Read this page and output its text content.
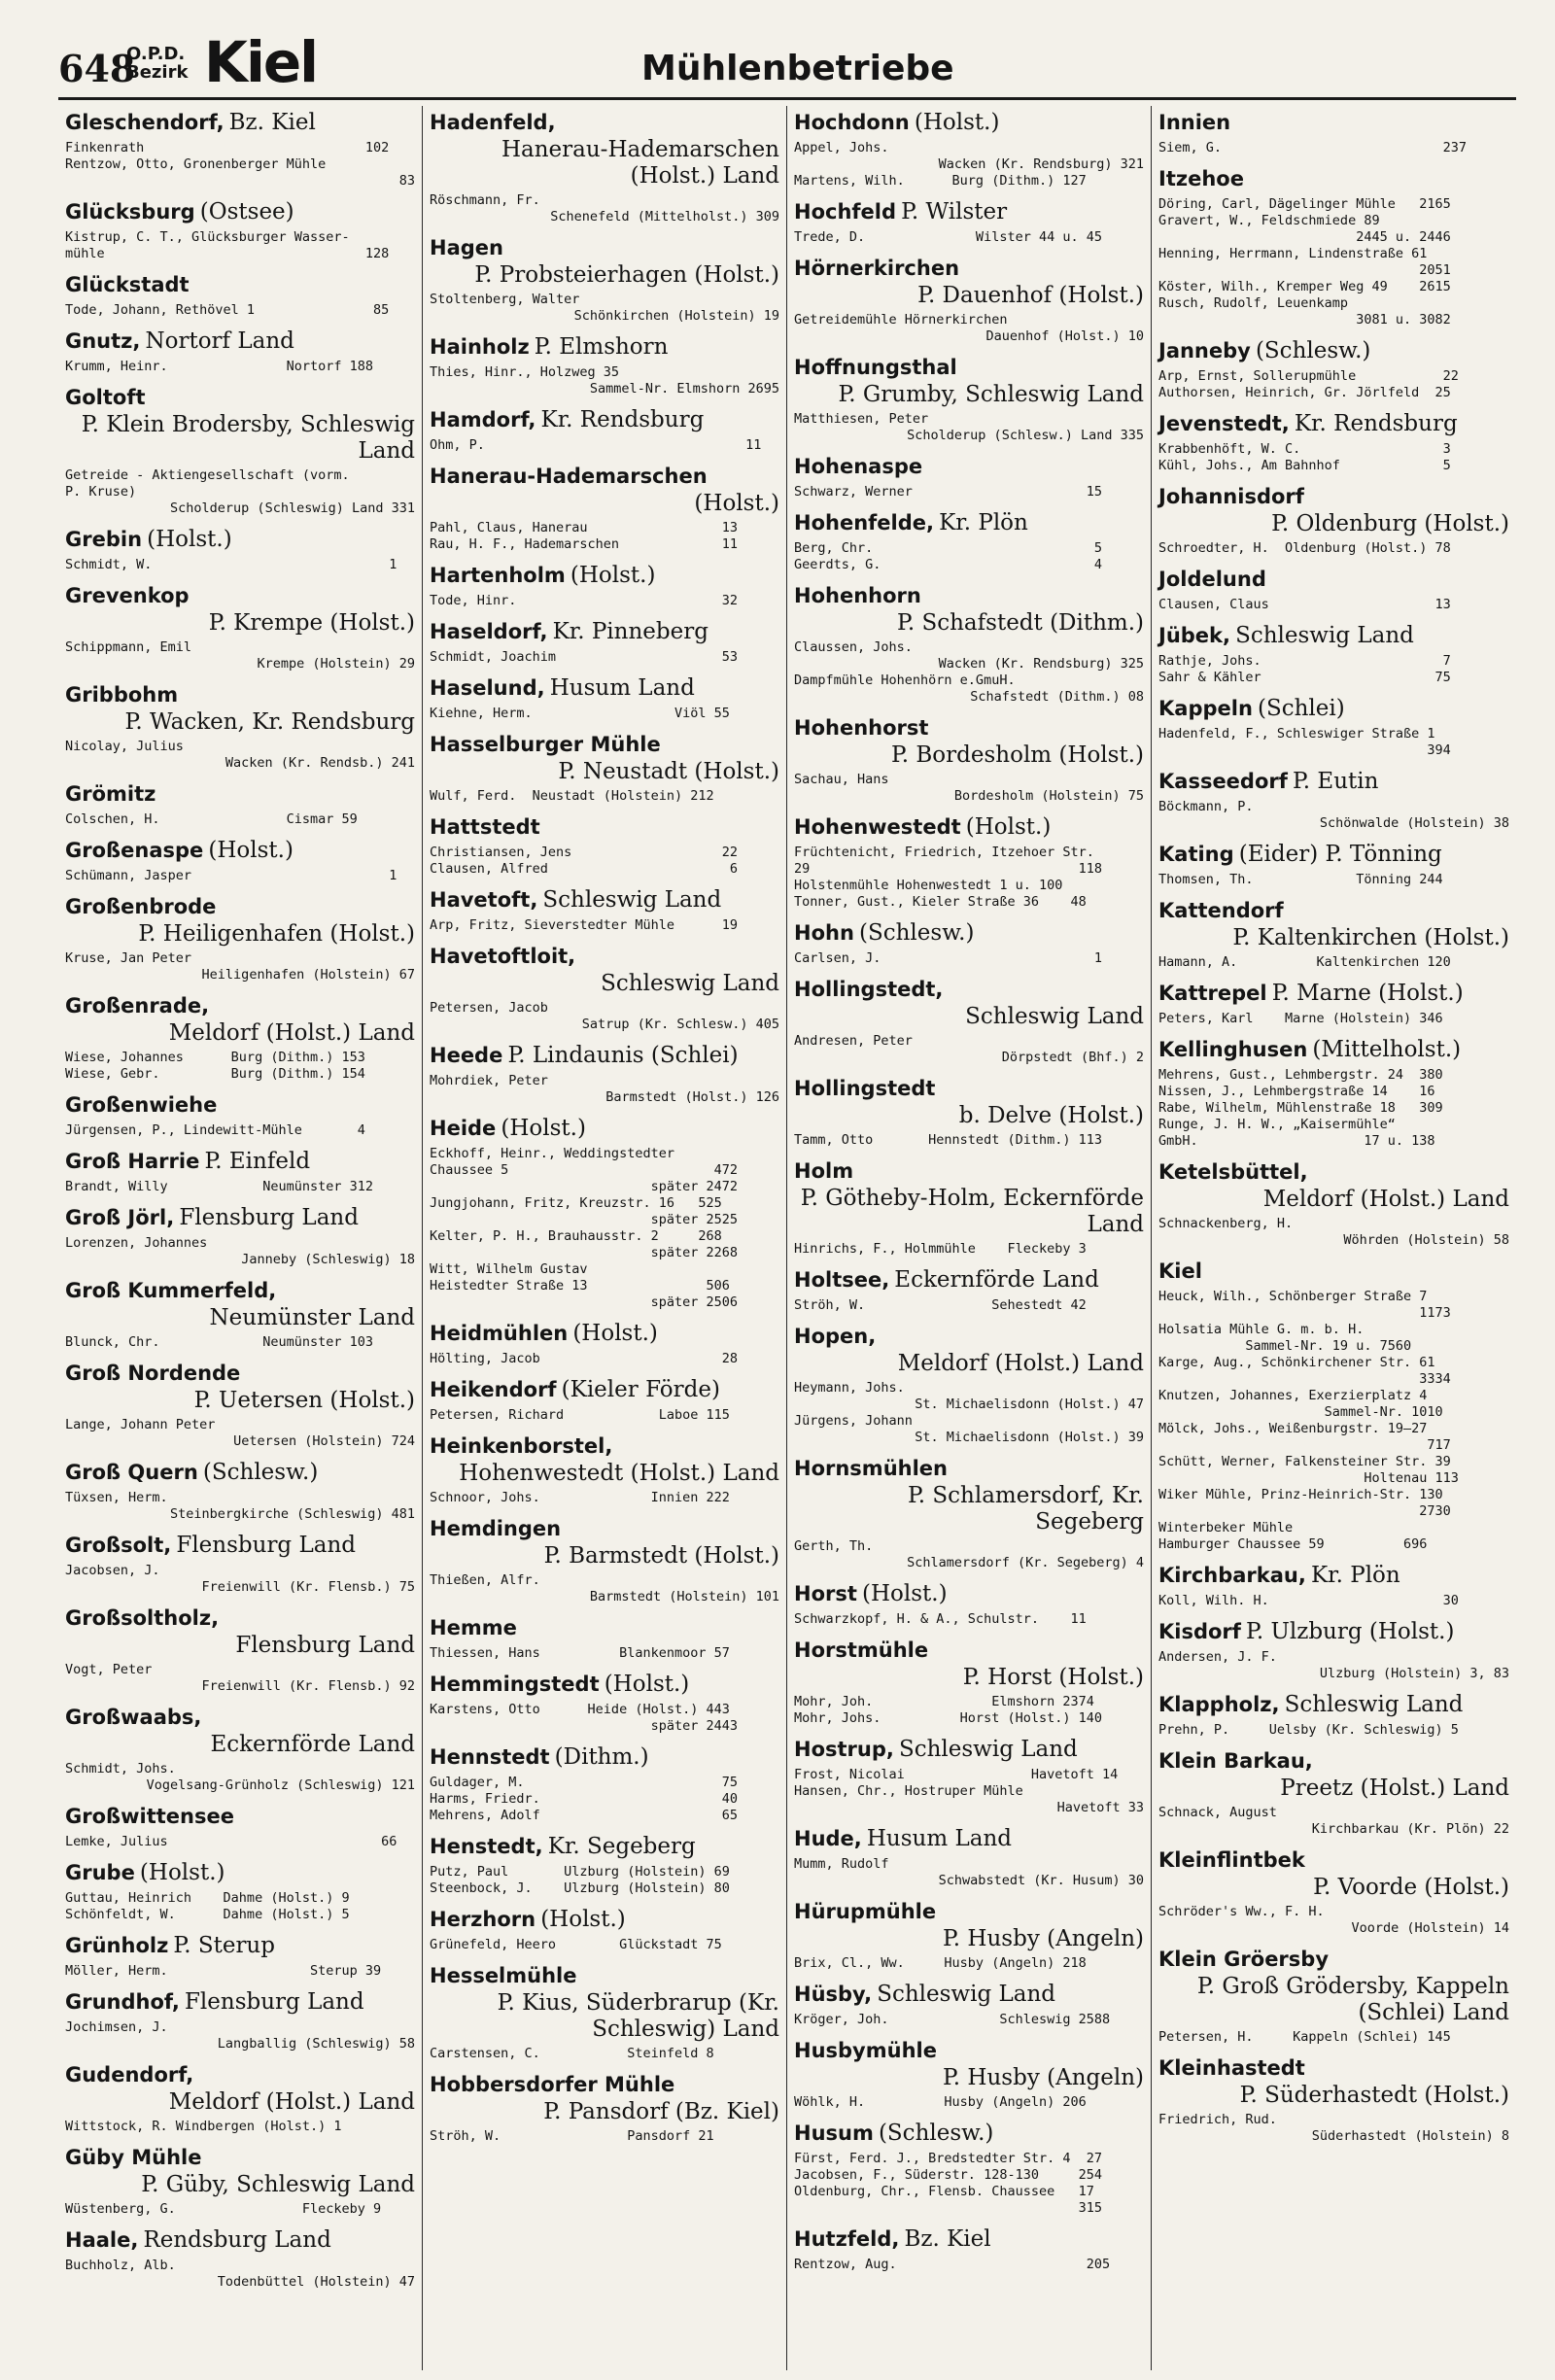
648
O.P.D.
Bezirk Kiel	Mühlenbetriebe
Gleschendorf, Bz. Kiel
Finkenrath                            102
Rentzow, Otto, Gronenberger Mühle
83
Glücksburg (Ostsee)
Kistrup, C. T., Glücksburger Wasser-
mühle                                 128
Glückstadt
Tode, Johann, Rethövel 1               85
Gnutz, Nortorf Land
Krumm, Heinr.               Nortorf 188
Goltoft
P. Klein Brodersby, Schleswig Land
Getreide - Aktiengesellschaft (vorm.
P. Kruse)
Scholderup (Schleswig) Land 331
Grebin (Holst.)
Schmidt, W.                              1
Grevenkop
P. Krempe (Holst.)
Schippmann, Emil
Krempe (Holstein) 29
Gribbohm
P. Wacken, Kr. Rendsburg
Nicolay, Julius
Wacken (Kr. Rendsb.) 241
Grömitz
Colschen, H.                Cismar 59
Großenaspe (Holst.)
Schümann, Jasper                         1
Großenbrode
P. Heiligenhafen (Holst.)
Kruse, Jan Peter
Heiligenhafen (Holstein) 67
Großenrade,
Meldorf (Holst.) Land
Wiese, Johannes      Burg (Dithm.) 153
Wiese, Gebr.         Burg (Dithm.) 154
Großenwiehe
Jürgensen, P., Lindewitt-Mühle       4
Groß Harrie P. Einfeld
Brandt, Willy            Neumünster 312
Groß Jörl, Flensburg Land
Lorenzen, Johannes
Janneby (Schleswig) 18
Groß Kummerfeld,
Neumünster Land
Blunck, Chr.             Neumünster 103
Groß Nordende
P. Uetersen (Holst.)
Lange, Johann Peter
Uetersen (Holstein) 724
Groß Quern (Schlesw.)
Tüxsen, Herm.
Steinbergkirche (Schleswig) 481
Großsolt, Flensburg Land
Jacobsen, J.
Freienwill (Kr. Flensb.) 75
Großsoltholz,
Flensburg Land
Vogt, Peter
Freienwill (Kr. Flensb.) 92
Großwaabs,
Eckernförde Land
Schmidt, Johs.
Vogelsang-Grünholz (Schleswig) 121
Großwittensee
Lemke, Julius                           66
Grube (Holst.)
Guttau, Heinrich    Dahme (Holst.) 9
Schönfeldt, W.      Dahme (Holst.) 5
Grünholz P. Sterup
Möller, Herm.                  Sterup 39
Grundhof, Flensburg Land
Jochimsen, J.
Langballig (Schleswig) 58
Gudendorf,
Meldorf (Holst.) Land
Wittstock, R. Windbergen (Holst.) 1
Güby Mühle
P. Güby, Schleswig Land
Wüstenberg, G.                Fleckeby 9
Haale, Rendsburg Land
Buchholz, Alb.
Todenbüttel (Holstein) 47
Hadenfeld,
Hanerau-Hademarschen (Holst.) Land
Röschmann, Fr.
Schenefeld (Mittelholst.) 309
Hagen
P. Probsteierhagen (Holst.)
Stoltenberg, Walter
Schönkirchen (Holstein) 19
Hainholz P. Elmshorn
Thies, Hinr., Holzweg 35
Sammel-Nr. Elmshorn 2695
Hamdorf, Kr. Rendsburg
Ohm, P.                                 11
Hanerau-Hademarschen
(Holst.)
Pahl, Claus, Hanerau                 13
Rau, H. F., Hademarschen             11
Hartenholm (Holst.)
Tode, Hinr.                          32
Haseldorf, Kr. Pinneberg
Schmidt, Joachim                     53
Haselund, Husum Land
Kiehne, Herm.                  Viöl 55
Hasselburger Mühle
P. Neustadt (Holst.)
Wulf, Ferd.  Neustadt (Holstein) 212
Hattstedt
Christiansen, Jens                   22
Clausen, Alfred                       6
Havetoft, Schleswig Land
Arp, Fritz, Sieverstedter Mühle      19
Havetoftloit,
Schleswig Land
Petersen, Jacob
Satrup (Kr. Schlesw.) 405
Heede P. Lindaunis (Schlei)
Mohrdiek, Peter
Barmstedt (Holst.) 126
Heide (Holst.)
Eckhoff, Heinr., Weddingstedter
Chaussee 5                          472
später 2472
Jungjohann, Fritz, Kreuzstr. 16   525
später 2525
Kelter, P. H., Brauhausstr. 2     268
später 2268
Witt, Wilhelm Gustav
Heistedter Straße 13               506
später 2506
Heidmühlen (Holst.)
Hölting, Jacob                       28
Heikendorf (Kieler Förde)
Petersen, Richard            Laboe 115
Heinkenborstel,
Hohenwestedt (Holst.) Land
Schnoor, Johs.              Innien 222
Hemdingen
P. Barmstedt (Holst.)
Thießen, Alfr.
Barmstedt (Holstein) 101
Hemme
Thiessen, Hans          Blankenmoor 57
Hemmingstedt (Holst.)
Karstens, Otto      Heide (Holst.) 443
später 2443
Hennstedt (Dithm.)
Guldager, M.                         75
Harms, Friedr.                       40
Mehrens, Adolf                       65
Henstedt, Kr. Segeberg
Putz, Paul       Ulzburg (Holstein) 69
Steenbock, J.    Ulzburg (Holstein) 80
Herzhorn (Holst.)
Grünefeld, Heero        Glückstadt 75
Hesselmühle
P. Kius, Süderbrarup (Kr. Schleswig) Land
Carstensen, C.           Steinfeld 8
Hobbersdorfer Mühle
P. Pansdorf (Bz. Kiel)
Ströh, W.                Pansdorf 21
Hochdonn (Holst.)
Appel, Johs.
Wacken (Kr. Rendsburg) 321
Martens, Wilh.      Burg (Dithm.) 127
Hochfeld P. Wilster
Trede, D.              Wilster 44 u. 45
Hörnerkirchen
P. Dauenhof (Holst.)
Getreidemühle Hörnerkirchen
Dauenhof (Holst.) 10
Hoffnungsthal
P. Grumby, Schleswig Land
Matthiesen, Peter
Scholderup (Schlesw.) Land 335
Hohenaspe
Schwarz, Werner                      15
Hohenfelde, Kr. Plön
Berg, Chr.                            5
Geerdts, G.                           4
Hohenhorn
P. Schafstedt (Dithm.)
Claussen, Johs.
Wacken (Kr. Rendsburg) 325
Dampfmühle Hohenhörn e.GmuH.
Schafstedt (Dithm.) 08
Hohenhorst
P. Bordesholm (Holst.)
Sachau, Hans
Bordesholm (Holstein) 75
Hohenwestedt (Holst.)
Früchtenicht, Friedrich, Itzehoer Str.
29                                  118
Holstenmühle Hohenwestedt 1 u. 100
Tonner, Gust., Kieler Straße 36    48
Hohn (Schlesw.)
Carlsen, J.                           1
Hollingstedt,
Schleswig Land
Andresen, Peter
Dörpstedt (Bhf.) 2
Hollingstedt
b. Delve (Holst.)
Tamm, Otto       Hennstedt (Dithm.) 113
Holm
P. Götheby-Holm, Eckernförde Land
Hinrichs, F., Holmmühle    Fleckeby 3
Holtsee, Eckernförde Land
Ströh, W.                Sehestedt 42
Hopen,
Meldorf (Holst.) Land
Heymann, Johs.
St. Michaelisdonn (Holst.) 47
Jürgens, Johann
St. Michaelisdonn (Holst.) 39
Hornsmühlen
P. Schlamersdorf, Kr. Segeberg
Gerth, Th.
Schlamersdorf (Kr. Segeberg) 4
Horst (Holst.)
Schwarzkopf, H. & A., Schulstr.    11
Horstmühle
P. Horst (Holst.)
Mohr, Joh.               Elmshorn 2374
Mohr, Johs.          Horst (Holst.) 140
Hostrup, Schleswig Land
Frost, Nicolai                Havetoft 14
Hansen, Chr., Hostruper Mühle
Havetoft 33
Hude, Husum Land
Mumm, Rudolf
Schwabstedt (Kr. Husum) 30
Hürupmühle
P. Husby (Angeln)
Brix, Cl., Ww.     Husby (Angeln) 218
Hüsby, Schleswig Land
Kröger, Joh.              Schleswig 2588
Husbymühle
P. Husby (Angeln)
Wöhlk, H.          Husby (Angeln) 206
Husum (Schlesw.)
Fürst, Ferd. J., Bredstedter Str. 4  27
Jacobsen, F., Süderstr. 128-130     254
Oldenburg, Chr., Flensb. Chaussee   17
315
Hutzfeld, Bz. Kiel
Rentzow, Aug.                        205
Innien
Siem, G.                            237
Itzehoe
Döring, Carl, Dägelinger Mühle   2165
Gravert, W., Feldschmiede 89
2445 u. 2446
Henning, Herrmann, Lindenstraße 61
2051
Köster, Wilh., Kremper Weg 49    2615
Rusch, Rudolf, Leuenkamp
3081 u. 3082
Janneby (Schlesw.)
Arp, Ernst, Sollerupmühle           22
Authorsen, Heinrich, Gr. Jörlfeld  25
Jevenstedt, Kr. Rendsburg
Krabbenhöft, W. C.                  3
Kühl, Johs., Am Bahnhof             5
Johannisdorf
P. Oldenburg (Holst.)
Schroedter, H.  Oldenburg (Holst.) 78
Joldelund
Clausen, Claus                     13
Jübek, Schleswig Land
Rathje, Johs.                       7
Sahr & Kähler                      75
Kappeln (Schlei)
Hadenfeld, F., Schleswiger Straße 1
394
Kasseedorf P. Eutin
Böckmann, P.
Schönwalde (Holstein) 38
Kating (Eider) P. Tönning
Thomsen, Th.             Tönning 244
Kattendorf
P. Kaltenkirchen (Holst.)
Hamann, A.          Kaltenkirchen 120
Kattrepel P. Marne (Holst.)
Peters, Karl    Marne (Holstein) 346
Kellinghusen (Mittelholst.)
Mehrens, Gust., Lehmbergstr. 24  380
Nissen, J., Lehmbergstraße 14    16
Rabe, Wilhelm, Mühlenstraße 18   309
Runge, J. H. W., „Kaisermühle“
GmbH.                     17 u. 138
Ketelsbüttel,
Meldorf (Holst.) Land
Schnackenberg, H.
Wöhrden (Holstein) 58
Kiel
Heuck, Wilh., Schönberger Straße 7
1173
Holsatia Mühle G. m. b. H.
Sammel-Nr. 19 u. 7560
Karge, Aug., Schönkirchener Str. 61
3334
Knutzen, Johannes, Exerzierplatz 4
Sammel-Nr. 1010
Mölck, Johs., Weißenburgstr. 19—27
717
Schütt, Werner, Falkensteiner Str. 39
Holtenau 113
Wiker Mühle, Prinz-Heinrich-Str. 130
2730
Winterbeker Mühle
Hamburger Chaussee 59          696
Kirchbarkau, Kr. Plön
Koll, Wilh. H.                      30
Kisdorf P. Ulzburg (Holst.)
Andersen, J. F.
Ulzburg (Holstein) 3, 83
Klappholz, Schleswig Land
Prehn, P.     Uelsby (Kr. Schleswig) 5
Klein Barkau,
Preetz (Holst.) Land
Schnack, August
Kirchbarkau (Kr. Plön) 22
Kleinflintbek
P. Voorde (Holst.)
Schröder's Ww., F. H.
Voorde (Holstein) 14
Klein Gröersby
P. Groß Grödersby, Kappeln (Schlei) Land
Petersen, H.     Kappeln (Schlei) 145
Kleinhastedt
P. Süderhastedt (Holst.)
Friedrich, Rud.
Süderhastedt (Holstein) 8
